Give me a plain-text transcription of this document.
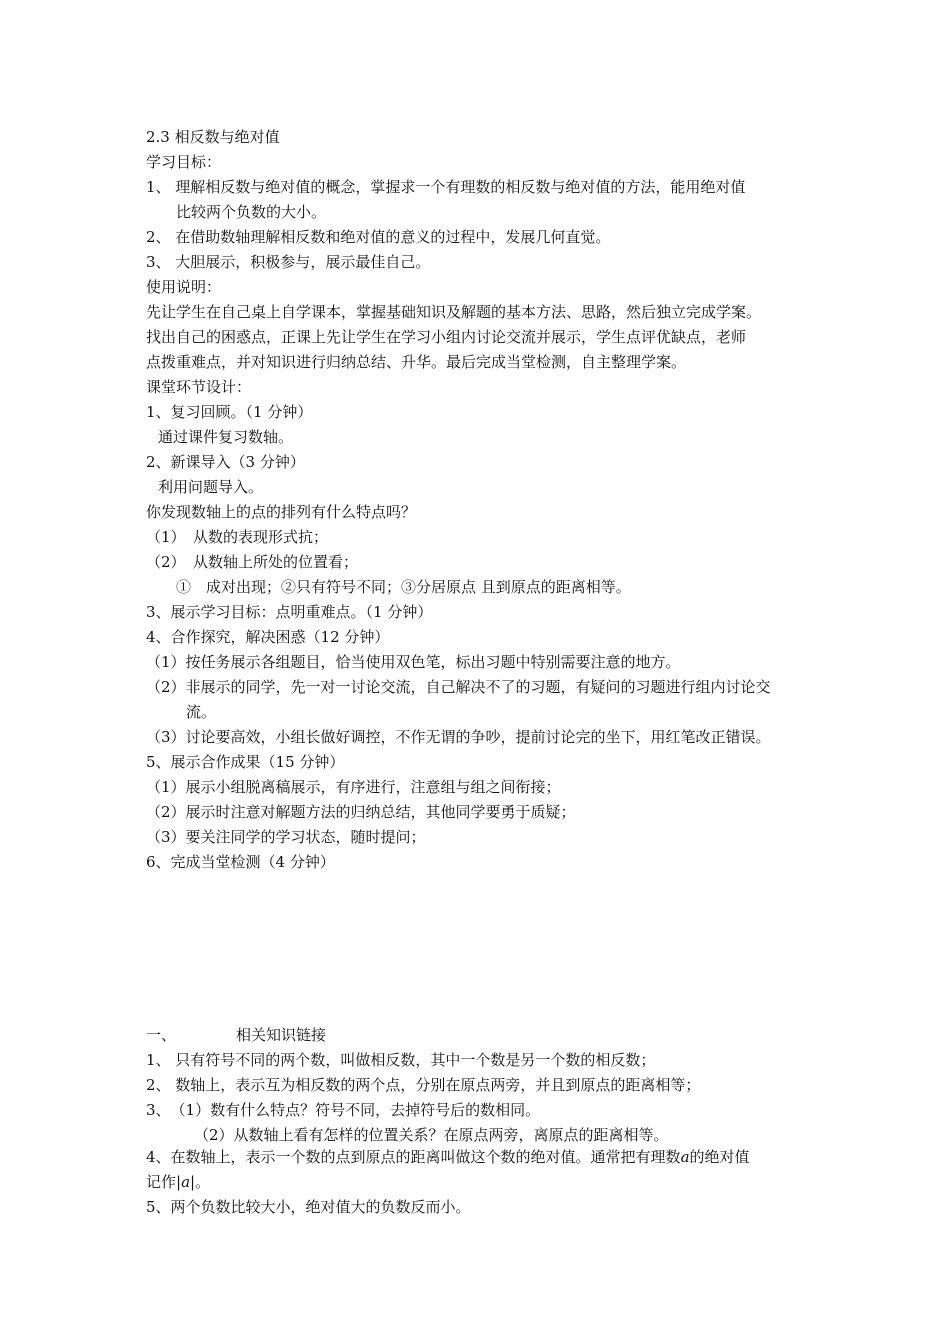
2.3 相反数与绝对值
学习目标：
1、 理解相反数与绝对值的概念，掌握求一个有理数的相反数与绝对值的方法，能用绝对值
比较两个负数的大小。
2、 在借助数轴理解相反数和绝对值的意义的过程中，发展几何直觉。
3、 大胆展示，积极参与，展示最佳自己。
使用说明：
先让学生在自己桌上自学课本，掌握基础知识及解题的基本方法、思路，然后独立完成学案。
找出自己的困惑点，正课上先让学生在学习小组内讨论交流并展示，学生点评优缺点，老师
点拨重难点，并对知识进行归纳总结、升华。最后完成当堂检测，自主整理学案。
课堂环节设计：
1、复习回顾。（1 分钟）
通过课件复习数轴。
2、新课导入（3 分钟）
利用问题导入。
你发现数轴上的点的排列有什么特点吗？
（1）　从数的表现形式抗；
（2）　从数轴上所处的位置看；
①　成对出现；②只有符号不同；③分居原点 且到原点的距离相等。
3、展示学习目标：点明重难点。（1 分钟）
4、合作探究，解决困惑（12 分钟）
（1）按任务展示各组题目，恰当使用双色笔，标出习题中特别需要注意的地方。
（2）非展示的同学，先一对一讨论交流，自己解决不了的习题，有疑问的习题进行组内讨论交
流。
（3）讨论要高效，小组长做好调控，不作无谓的争吵，提前讨论完的坐下，用红笔改正错误。
5、展示合作成果（15 分钟）
（1）展示小组脱离稿展示，有序进行，注意组与组之间衔接；
（2）展示时注意对解题方法的归纳总结，其他同学要勇于质疑；
（3）要关注同学的学习状态，随时提问；
6、完成当堂检测（4 分钟）
一、	相关知识链接
1、 只有符号不同的两个数，叫做相反数，其中一个数是另一个数的相反数；
2、 数轴上，表示互为相反数的两个点，分别在原点两旁，并且到原点的距离相等；
3、　（1）数有什么特点？符号不同，去掉符号后的数相同。
（2）从数轴上看有怎样的位置关系？在原点两旁，离原点的距离相等。
4、在数轴上，表示一个数的点到原点的距离叫做这个数的绝对值。通常把有理数a的绝对值
记作|a|。
5、两个负数比较大小，绝对值大的负数反而小。
